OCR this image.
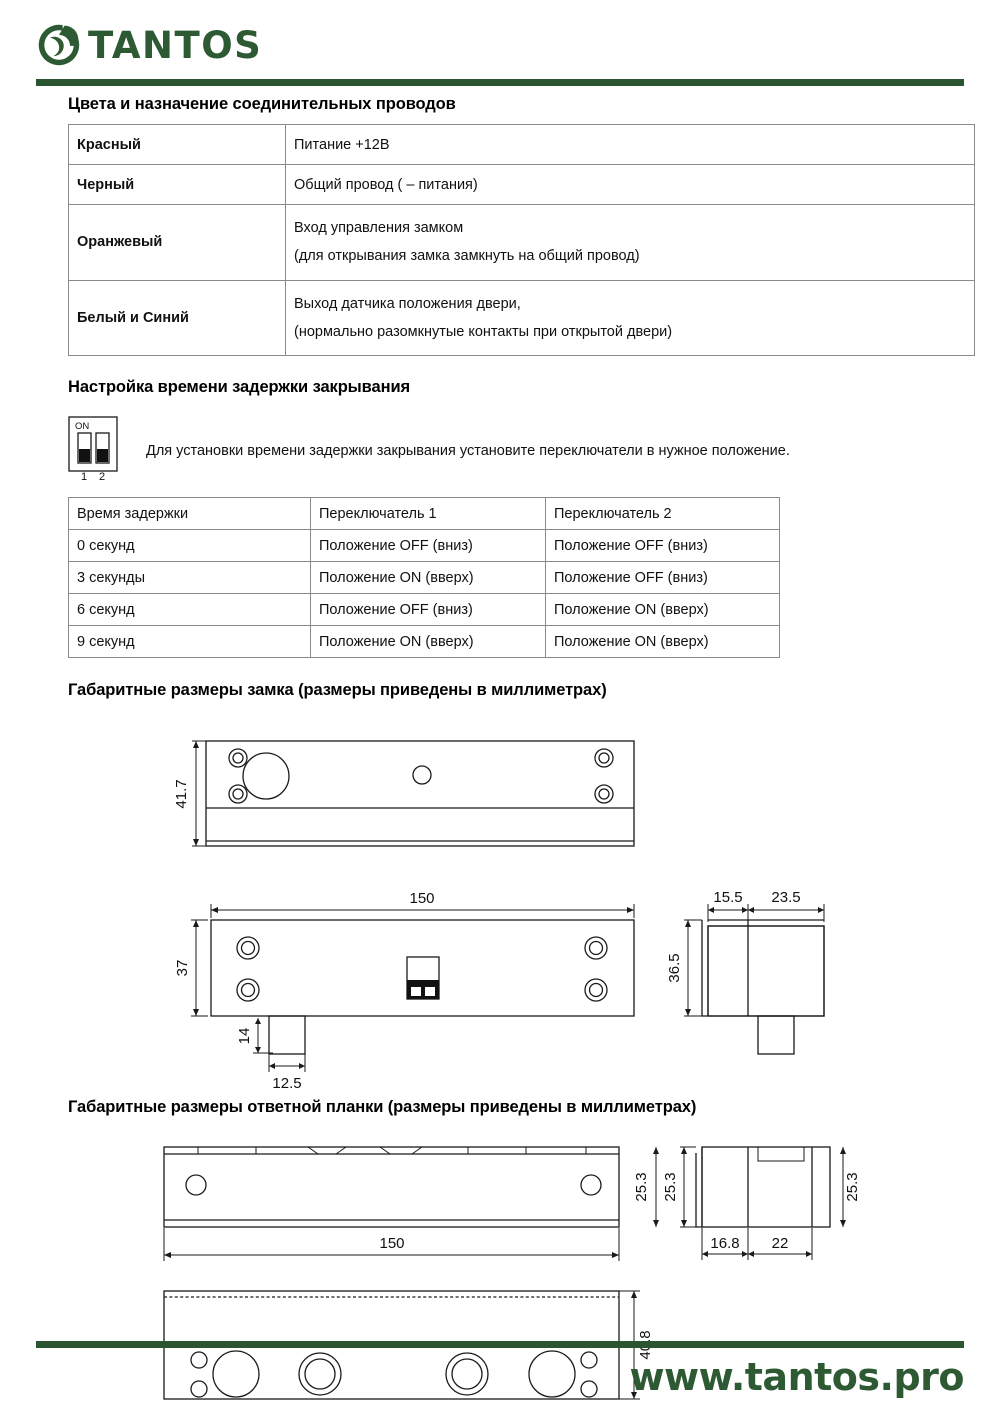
TANTOS
Цвета и назначение соединительных проводов
Красный	Питание +12В
Черный	Общий провод ( – питания)
Оранжевый	Вход управления замком
(для открывания замка замкнуть на общий провод)

Белый и Синий	Выход датчика положения двери,
(нормально разомкнутые контакты при открытой двери)
Настройка времени задержки закрывания
ON
1 2
Для установки времени задержки закрывания установите переключатели в нужное положение.
Время задержки	Переключатель 1	Переключатель 2
0 секунд	Положение OFF (вниз)	Положение OFF (вниз)
3 секунды	Положение ON (вверх)	Положение OFF (вниз)
6 секунд	Положение OFF (вниз)	Положение ON (вверх)
9 секунд	Положение ON (вверх)	Положение ON (вверх)
Габаритные размеры замка (размеры приведены в миллиметрах)
41.7
150
37
14
12.5
15.5 23.5
36.5
Габаритные размеры ответной планки (размеры приведены в миллиметрах)
150
25.3 25.3
16.8 22
25.3
www.tantos.pro
